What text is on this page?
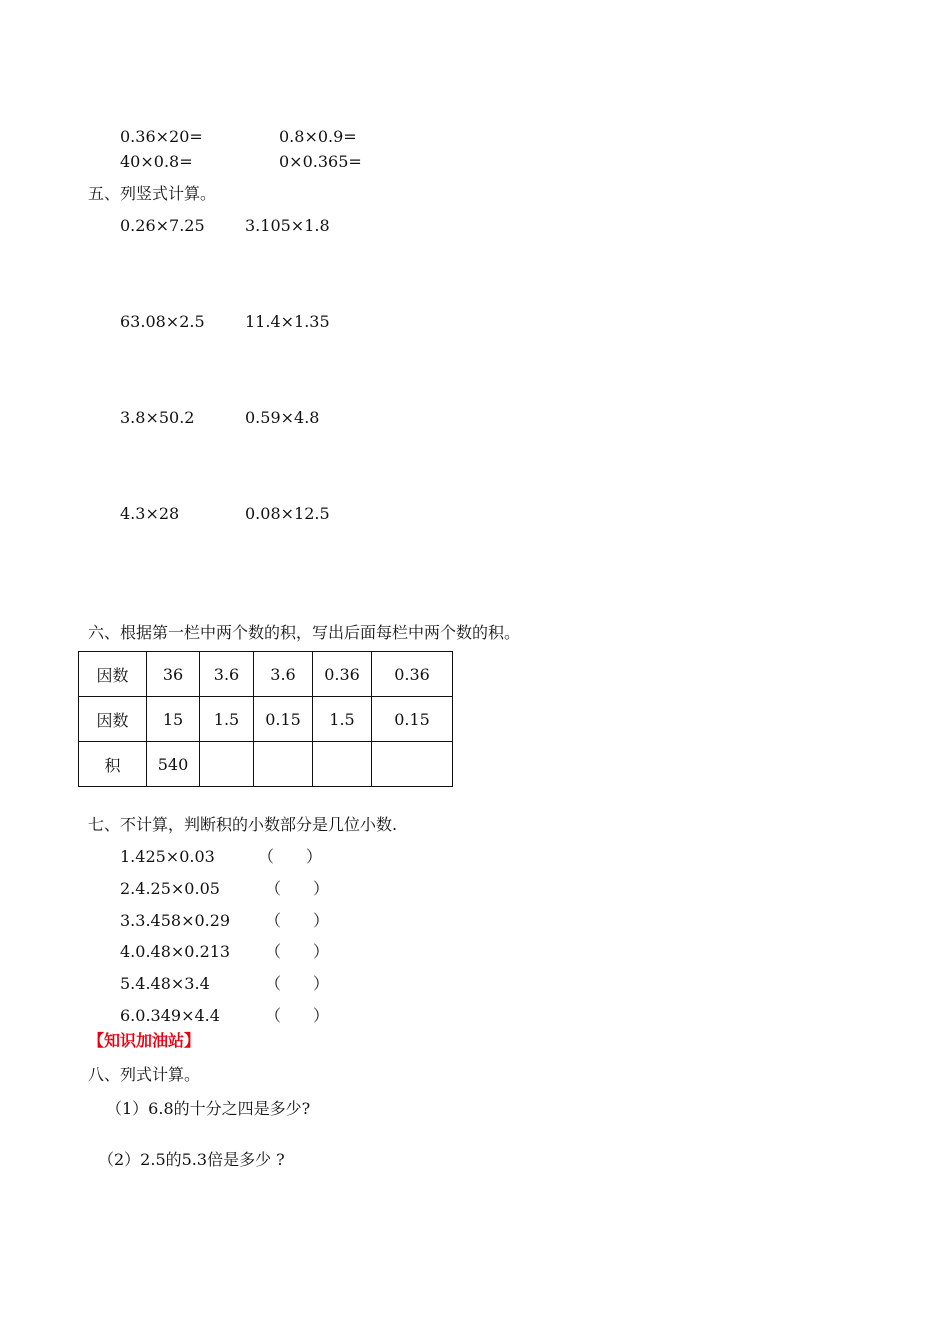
0.36×20=	0.8×0.9=
40×0.8=	0×0.365=
五、列竖式计算。
0.26×7.25	3.105×1.8
63.08×2.5	11.4×1.35
3.8×50.2	0.59×4.8
4.3×28	0.08×12.5
六、根据第一栏中两个数的积，写出后面每栏中两个数的积。
因数	36	3.6	3.6	0.36	0.36
因数	15	1.5	0.15	1.5	0.15
积	540				
七、不计算，判断积的小数部分是几位小数.
1.425×0.03	（　　）
2.4.25×0.05	（　　）
3.3.458×0.29 （　　）
4.0.48×0.213 （　　）
5.4.48×3.4	（　　）
6.0.349×4.4	（　　）
【知识加油站】
八、列式计算。
（1）6.8的十分之四是多少?
（2）2.5的5.3倍是多少 ?
